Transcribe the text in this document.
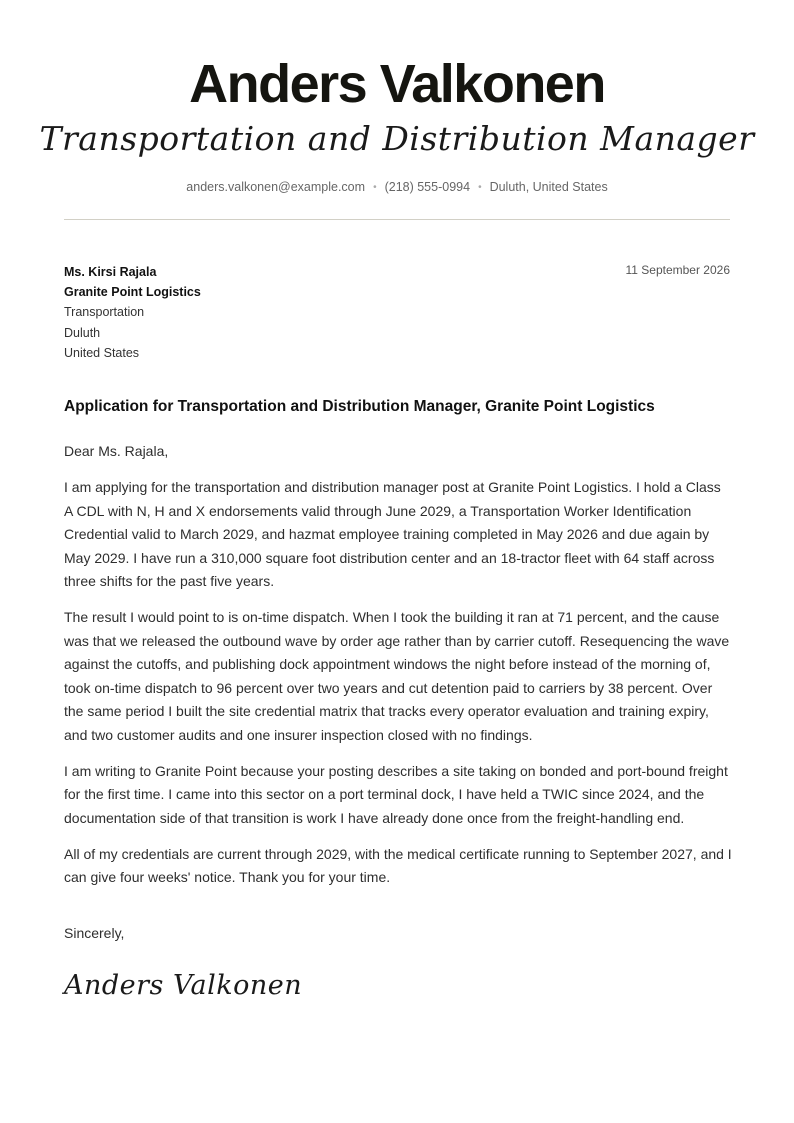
Anders Valkonen
Transportation and Distribution Manager
anders.valkonen@example.com • (218) 555-0994 • Duluth, United States
Ms. Kirsi Rajala
Granite Point Logistics
Transportation
Duluth
United States
11 September 2026
Application for Transportation and Distribution Manager, Granite Point Logistics

Dear Ms. Rajala,

I am applying for the transportation and distribution manager post at Granite Point Logistics. I hold a Class A CDL with N, H and X endorsements valid through June 2029, a Transportation Worker Identification Credential valid to March 2029, and hazmat employee training completed in May 2026 and due again by May 2029. I have run a 310,000 square foot distribution center and an 18-tractor fleet with 64 staff across three shifts for the past five years.

The result I would point to is on-time dispatch. When I took the building it ran at 71 percent, and the cause was that we released the outbound wave by order age rather than by carrier cutoff. Resequencing the wave against the cutoffs, and publishing dock appointment windows the night before instead of the morning of, took on-time dispatch to 96 percent over two years and cut detention paid to carriers by 38 percent. Over the same period I built the site credential matrix that tracks every operator evaluation and training expiry, and two customer audits and one insurer inspection closed with no findings.

I am writing to Granite Point because your posting describes a site taking on bonded and port-bound freight for the first time. I came into this sector on a port terminal dock, I have held a TWIC since 2024, and the documentation side of that transition is work I have already done once from the freight-handling end.

All of my credentials are current through 2029, with the medical certificate running to September 2027, and I can give four weeks' notice. Thank you for your time.

Sincerely,
Anders Valkonen
